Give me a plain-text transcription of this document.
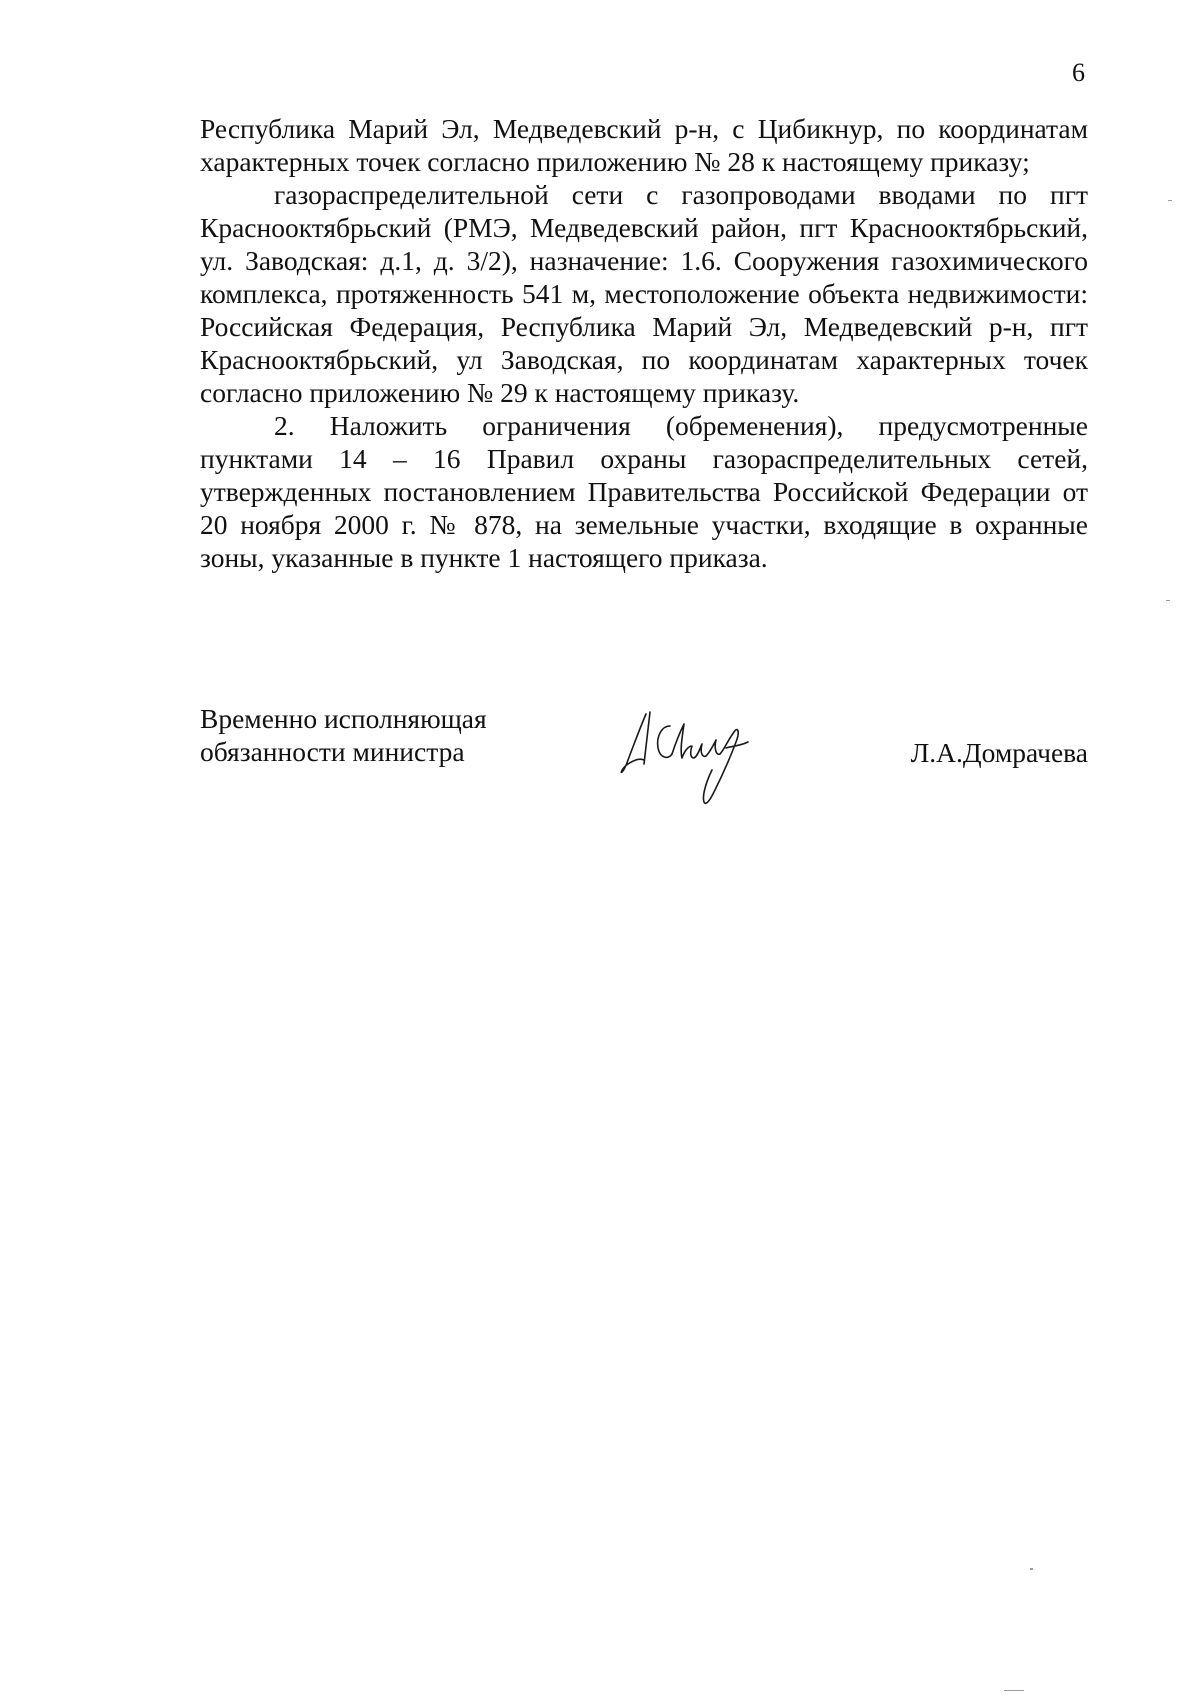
6

Республика Марий Эл, Медведевский р-н, с Цибикнур, по координатам характерных точек согласно приложению № 28 к настоящему приказу;

газораспределительной сети с газопроводами вводами по пгт Краснооктябрьский (РМЭ, Медведевский район, пгт Краснооктябрьский, ул. Заводская: д.1, д. 3/2), назначение: 1.6. Сооружения газохимического комплекса, протяженность 541 м, местоположение объекта недвижимости: Российская Федерация, Республика Марий Эл, Медведевский р-н, пгт Краснооктябрьский, ул Заводская, по координатам характерных точек согласно приложению № 29 к настоящему приказу.

2. Наложить ограничения (обременения), предусмотренные пунктами 14 – 16 Правил охраны газораспределительных сетей, утвержденных постановлением Правительства Российской Федерации от 20 ноября 2000 г. № 878, на земельные участки, входящие в охранные зоны, указанные в пункте 1 настоящего приказа.

Временно исполняющая
обязанности министра	Л.А.Домрачева
